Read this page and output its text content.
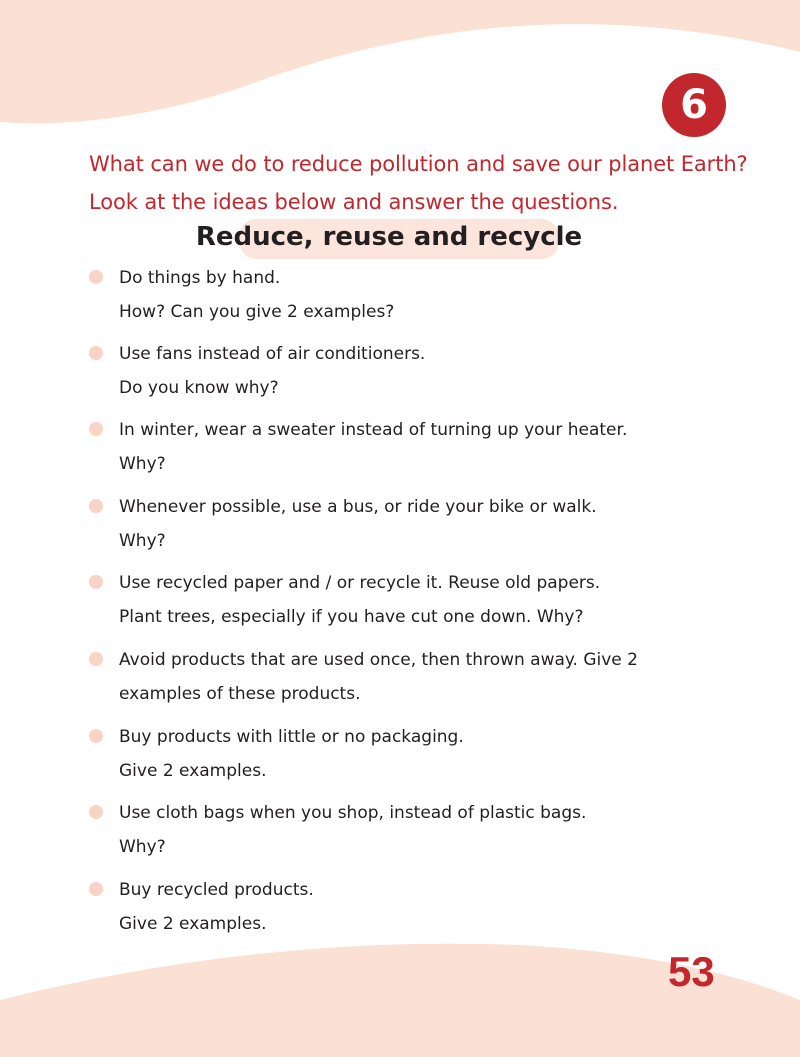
6

What can we do to reduce pollution and save our planet Earth? Look at the ideas below and answer the questions.

Reduce, reuse and recycle
Do things by hand.
How? Can you give 2 examples?
Use fans instead of air conditioners.
Do you know why?
In winter, wear a sweater instead of turning up your heater.
Why?
Whenever possible, use a bus, or ride your bike or walk.
Why?
Use recycled paper and / or recycle it. Reuse old papers.
Plant trees, especially if you have cut one down. Why?
Avoid products that are used once, then thrown away. Give 2
examples of these products.
Buy products with little or no packaging.
Give 2 examples.
Use cloth bags when you shop, instead of plastic bags.
Why?
Buy recycled products.
Give 2 examples.
53
